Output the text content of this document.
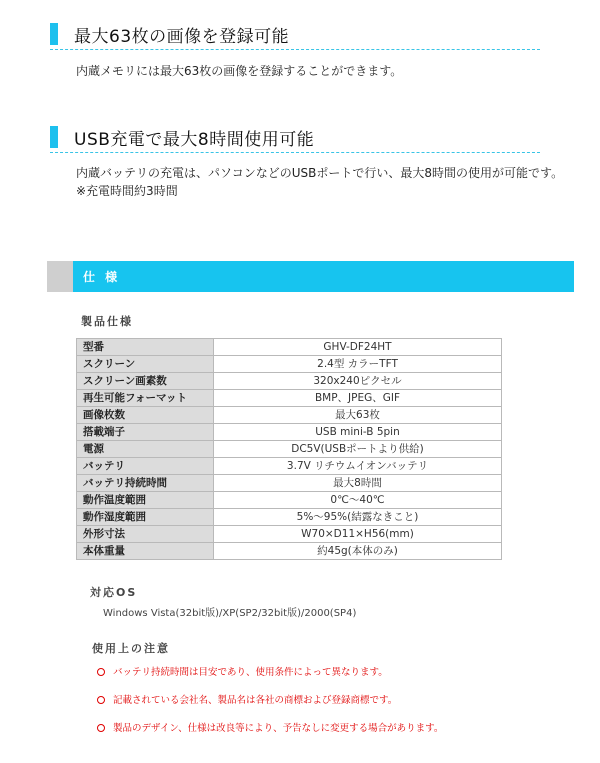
最大63枚の画像を登録可能
内蔵メモリには最大63枚の画像を登録することができます。
USB充電で最大8時間使用可能
内蔵バッテリの充電は、パソコンなどのUSBポートで行い、最大8時間の使用が可能です。
※充電時間約3時間
仕 様
製品仕様
型番	GHV-DF24HT
スクリーン	2.4型 カラーTFT
スクリーン画素数	320x240ピクセル
再生可能フォーマット	BMP、JPEG、GIF
画像枚数	最大63枚
搭載端子	USB mini-B 5pin
電源	DC5V(USBポートより供給)
バッテリ	3.7V リチウムイオンバッテリ
バッテリ持続時間	最大8時間
動作温度範囲	0℃～40℃
動作湿度範囲	5%～95%(結露なきこと)
外形寸法	W70×D11×H56(mm)
本体重量	約45g(本体のみ)
対応OS
Windows Vista(32bit版)/XP(SP2/32bit版)/2000(SP4)
使用上の注意
バッテリ持続時間は目安であり、使用条件によって異なります。
記載されている会社名、製品名は各社の商標および登録商標です。
製品のデザイン、仕様は改良等により、予告なしに変更する場合があります。
